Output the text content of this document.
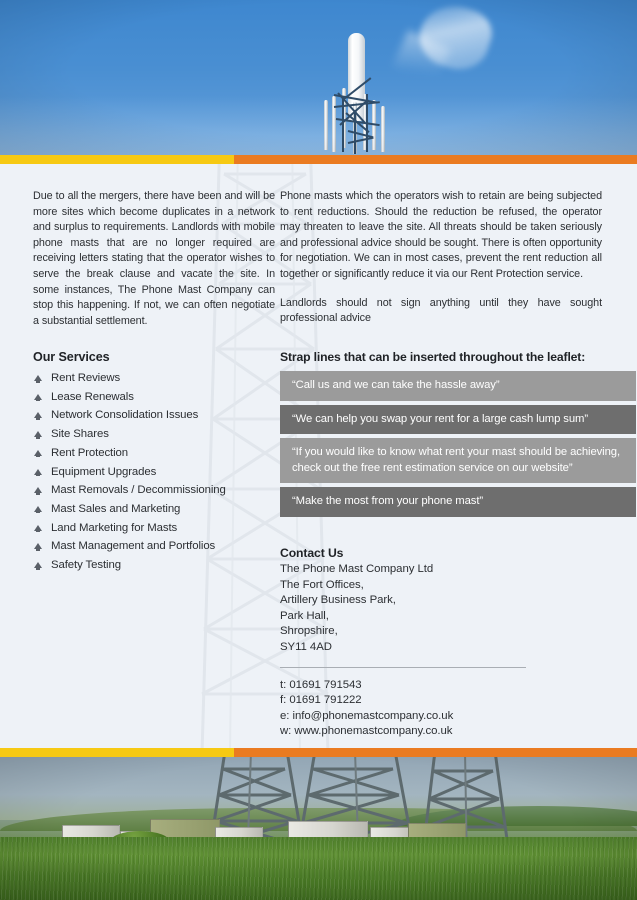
Due to all the mergers, there have been and will be more sites which become duplicates in a network and surplus to requirements. Landlords with mobile phone masts that are no longer required are receiving letters stating that the operator wishes to serve the break clause and vacate the site. In some instances, The Phone Mast Company can stop this happening. If not, we can often negotiate a substantial settlement.

Phone masts which the operators wish to retain are being subjected to rent reductions. Should the reduction be refused, the operator may threaten to leave the site. All threats should be taken seriously and professional advice should be sought. There is often opportunity for negotiation. We can in most cases, prevent the rent reduction all together or significantly reduce it via our Rent Protection service.

Landlords should not sign anything until they have sought professional advice

Our Services
Rent Reviews
Lease Renewals
Network Consolidation Issues
Site Shares
Rent Protection
Equipment Upgrades
Mast Removals / Decommissioning
Mast Sales and Marketing
Land Marketing for Masts
Mast Management and Portfolios
Safety Testing
Strap lines that can be inserted throughout the leaflet:
“Call us and we can take the hassle away”
“We can help you swap your rent for a large cash lump sum”
“If you would like to know what rent your mast should be achieving, check out the free rent estimation service on our website”
“Make the most from your phone mast”
Contact Us
The Phone Mast Company Ltd
The Fort Offices,
Artillery Business Park,
Park Hall,
Shropshire,
SY11 4AD
t: 01691 791543
f: 01691 791222
e: info@phonemastcompany.co.uk
w: www.phonemastcompany.co.uk
